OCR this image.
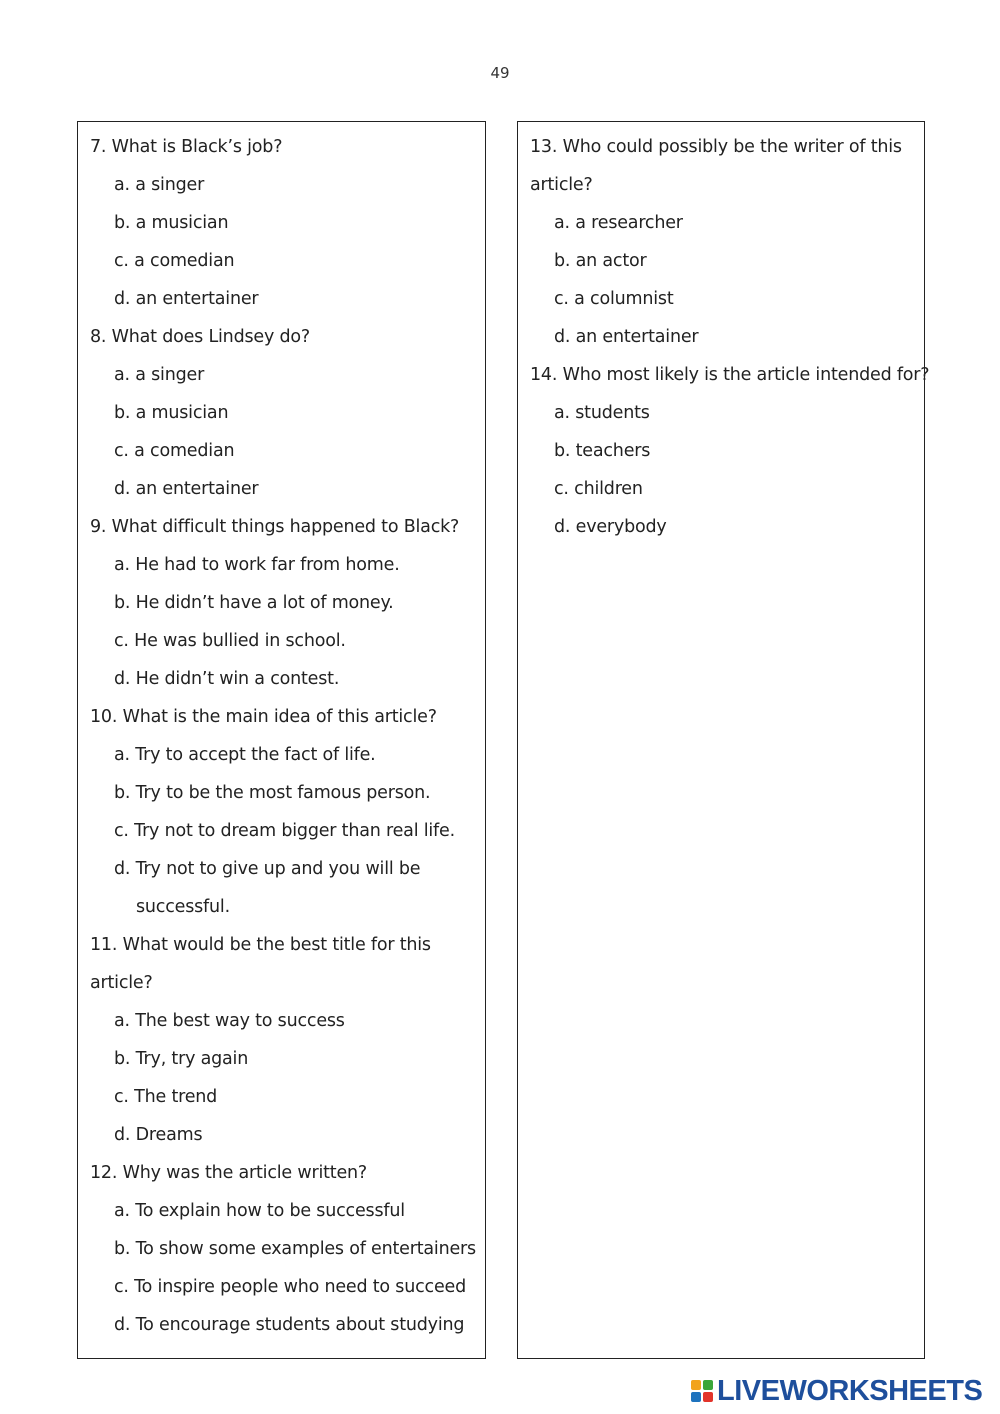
49
7. What is Black’s job?
a. a singer
b. a musician
c. a comedian
d. an entertainer
8. What does Lindsey do?
a. a singer
b. a musician
c. a comedian
d. an entertainer
9. What difficult things happened to Black?
a. He had to work far from home.
b. He didn’t have a lot of money.
c. He was bullied in school.
d. He didn’t win a contest.
10. What is the main idea of this article?
a. Try to accept the fact of life.
b. Try to be the most famous person.
c. Try not to dream bigger than real life.
d. Try not to give up and you will be
successful.
11. What would be the best title for this
article?
a. The best way to success
b. Try, try again
c. The trend
d. Dreams
12. Why was the article written?
a. To explain how to be successful
b. To show some examples of entertainers
c. To inspire people who need to succeed
d. To encourage students about studying
13. Who could possibly be the writer of this
article?
a. a researcher
b. an actor
c. a columnist
d. an entertainer
14. Who most likely is the article intended for?
a. students
b. teachers
c. children
d. everybody
LIVEWORKSHEETS
